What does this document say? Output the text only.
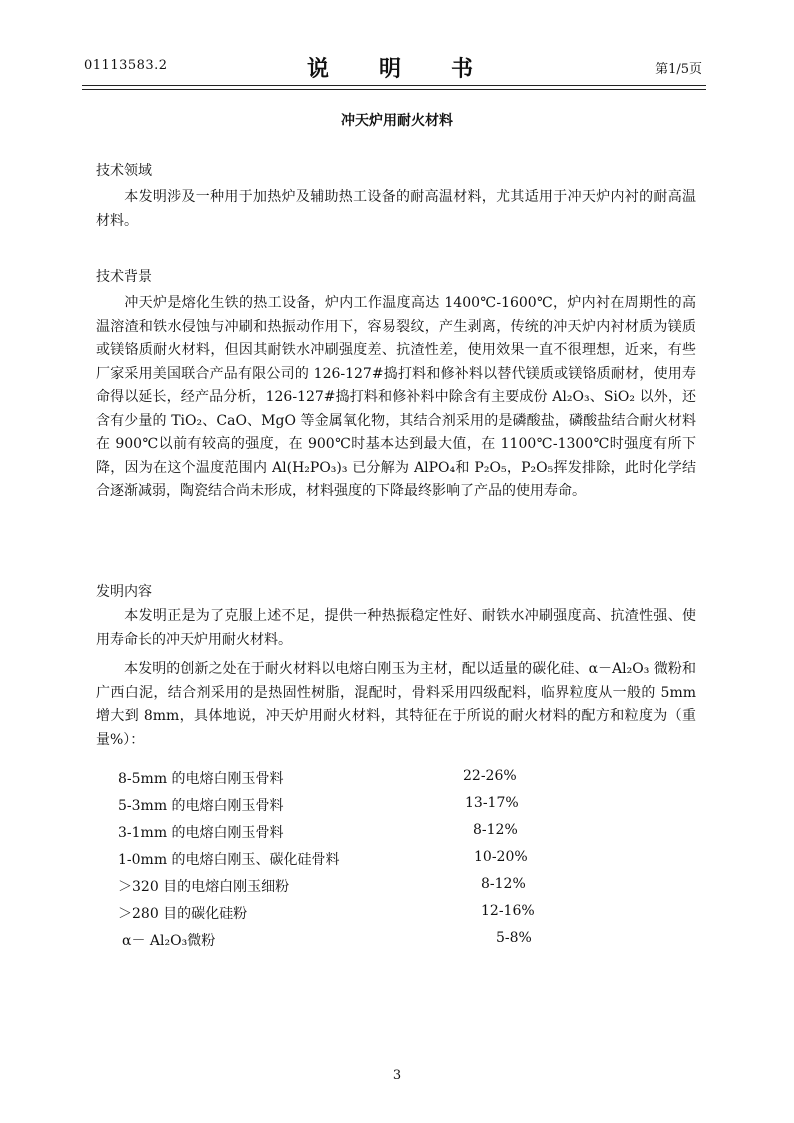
01113583.2	说　明　书	第1/5页
冲天炉用耐火材料
技术领域

本发明涉及一种用于加热炉及辅助热工设备的耐高温材料，尤其适用于冲天炉内衬的耐高温材料。

技术背景

冲天炉是熔化生铁的热工设备，炉内工作温度高达 1400℃-1600℃，炉内衬在周期性的高温溶渣和铁水侵蚀与冲刷和热振动作用下，容易裂纹，产生剥离，传统的冲天炉内衬材质为镁质或镁铬质耐火材料，但因其耐铁水冲刷强度差、抗渣性差，使用效果一直不很理想，近来，有些厂家采用美国联合产品有限公司的 126-127#捣打料和修补料以替代镁质或镁铬质耐材，使用寿命得以延长，经产品分析，126-127#捣打料和修补料中除含有主要成份 Al₂O₃、SiO₂ 以外，还含有少量的 TiO₂、CaO、MgO 等金属氧化物，其结合剂采用的是磷酸盐，磷酸盐结合耐火材料在 900℃以前有较高的强度，在 900℃时基本达到最大值，在 1100℃-1300℃时强度有所下降，因为在这个温度范围内 Al(H₂PO₃)₃ 已分解为 AlPO₄和 P₂O₅，P₂O₅挥发排除，此时化学结合逐渐减弱，陶瓷结合尚未形成，材料强度的下降最终影响了产品的使用寿命。

发明内容

本发明正是为了克服上述不足，提供一种热振稳定性好、耐铁水冲刷强度高、抗渣性强、使用寿命长的冲天炉用耐火材料。

本发明的创新之处在于耐火材料以电熔白刚玉为主材，配以适量的碳化硅、α－Al₂O₃ 微粉和广西白泥，结合剂采用的是热固性树脂，混配时，骨料采用四级配料，临界粒度从一般的 5mm 增大到 8mm，具体地说，冲天炉用耐火材料，其特征在于所说的耐火材料的配方和粒度为（重量%）：

8-5mm 的电熔白刚玉骨料	22-26%
5-3mm 的电熔白刚玉骨料	13-17%
3-1mm 的电熔白刚玉骨料	8-12%
1-0mm 的电熔白刚玉、碳化硅骨料	10-20%
＞320 目的电熔白刚玉细粉	8-12%
＞280 目的碳化硅粉	12-16%
α－ Al₂O₃微粉	5-8%
3
